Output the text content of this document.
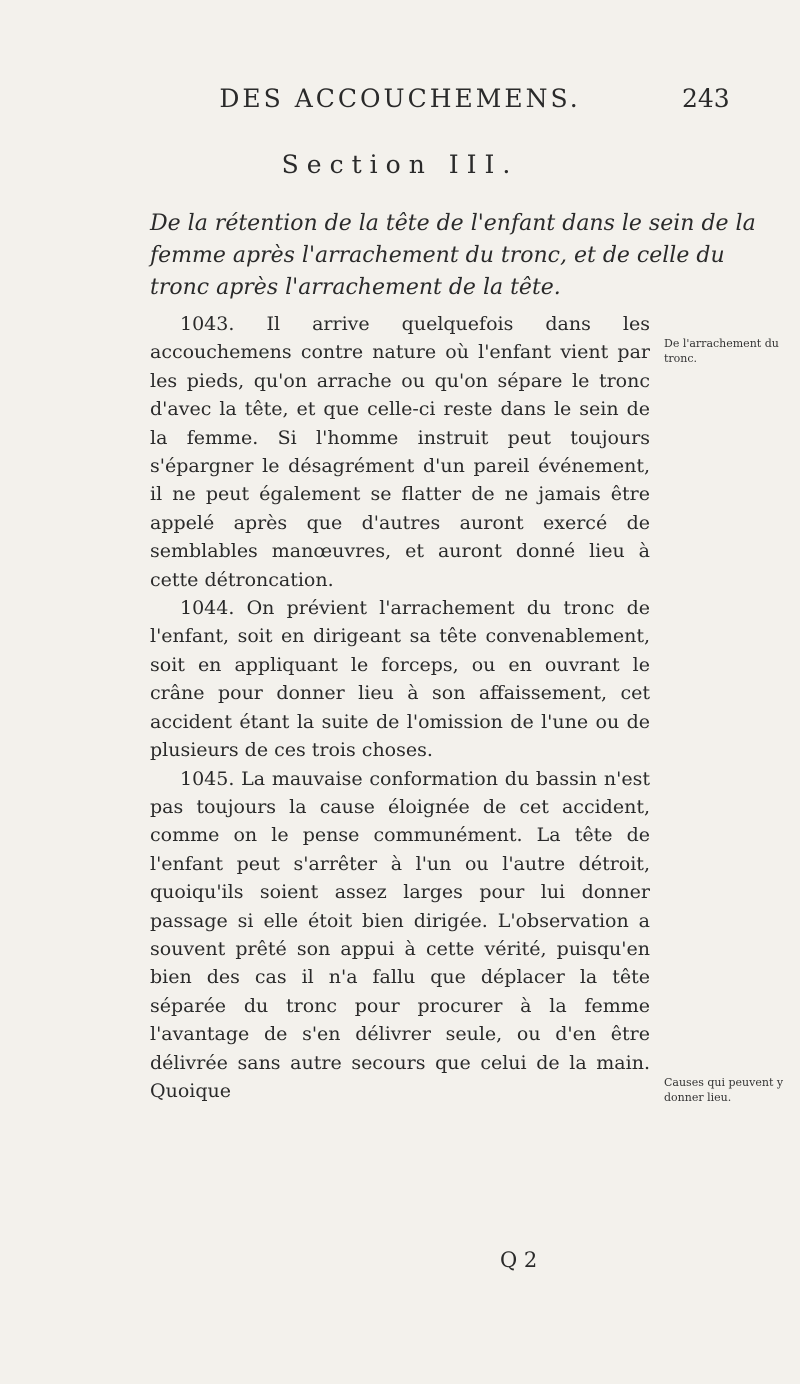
DES ACCOUCHEMENS.	243
Section III.
De la rétention de la tête de l'enfant dans le sein de la femme après l'arrachement du tronc, et de celle du tronc après l'arrachement de la tête.

1043. Il arrive quelquefois dans les accouchemens contre nature où l'enfant vient par les pieds, qu'on arrache ou qu'on sépare le tronc d'avec la tête, et que celle-ci reste dans le sein de la femme. Si l'homme instruit peut toujours s'épargner le désagrément d'un pareil événement, il ne peut également se flatter de ne jamais être appelé après que d'autres auront exercé de semblables manœuvres, et auront donné lieu à cette détroncation.

1044. On prévient l'arrachement du tronc de l'enfant, soit en dirigeant sa tête convenablement, soit en appliquant le forceps, ou en ouvrant le crâne pour donner lieu à son affaissement, cet accident étant la suite de l'omission de l'une ou de plusieurs de ces trois choses.

1045. La mauvaise conformation du bassin n'est pas toujours la cause éloignée de cet accident, comme on le pense communément. La tête de l'enfant peut s'arrêter à l'un ou l'autre détroit, quoiqu'ils soient assez larges pour lui donner passage si elle étoit bien dirigée. L'observation a souvent prêté son appui à cette vérité, puisqu'en bien des cas il n'a fallu que déplacer la tête séparée du tronc pour procurer à la femme l'avantage de s'en délivrer seule, ou d'en être délivrée sans autre secours que celui de la main. Quoique

De l'arrachement du tronc.
Causes qui peuvent y donner lieu.
Q 2
